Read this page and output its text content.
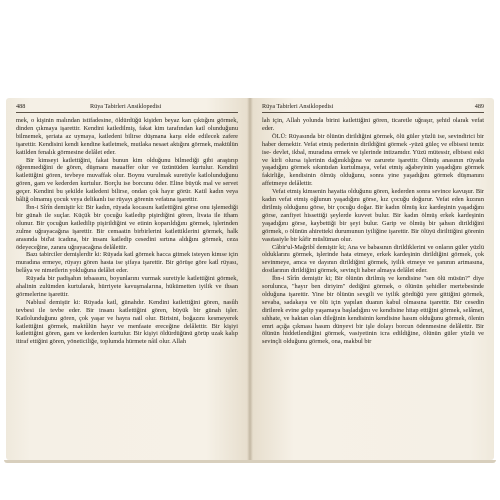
488	Rüya Tabirleri Ansiklopedisi

mek, o kişinin malından istifadesine, öldürdüğü kişiden beyaz kan çıktığını görmek, dinden çıkmaya işarettir. Kendini katledilmiş, fakat kim tarafından katl olunduğunu bilmemek, şeriata az uymaya, katledeni bilirse düşmana karşı elde edilecek zafere işarettir. Kendisini kendi kendine katletmek, mutlaka nesaet aktığını görmek, maktülün katilden fenalık görmesine delâlet eder.

Bir kimseyi katlettiğini, fakat bunun kim olduğunu bilmediği gibi araştırıp öğrenmediğini de gören, düşmanı mauaffer olur ve üzüntüden kurtulur. Kendini katlettiğini gören, tevbeye muvaffak olur. Boynu vurulmak suretiyle katlolunduğunu gören, gam ve kederden kurtulur. Borçlu ise borcunu öder. Eline büyük mal ve servet geçer. Kendini bu şekilde katledeni bilirse, ondan çok hayır görür. Katil kadın veya bâliğ olmamış çocuk veya delikanlı ise rüyayı görenin vefatına işarettir.

İbn-i Sîrîn demiştir ki: Bir kadın, rüyada kocasını katlettiğini görse onu işlemediği bir günah ile suçlar. Küçük bir çocuğu katledip pişirdiğini gören, livata ile itham olunur. Bir çocuğun katledilip pişirildiğini ve etinin koparıldığını görmek, işlerinden zulme uğrayacağına işarettir. Bir cemaatin birbirlerini katlettiklerini görmek, halk arasında bid'at icadına, bir insanı katledip cesedini sırtına aldığını görmek, ceza ödeyeceğine, zarara uğrayacağına delâlettir.

Bazı tabirciler demişlerdir ki: Rüyada katl görmek hacca gitmek isteyen kimse için muradına ermeye, rüyayı gören hasta ise şifaya işarettir. Bir görüşe göre katl rüyası, belâya ve nimetlerin yokluğuna delâlet eder.

Rüyada bir padişahın tebaasını, boyunlarını vurmak suretiyle katlettiğini görmek, ahalinin zulümden kurtularak, hürriyete kavuşmalarına, hükümetten iyilik ve ihsan görmelerine işarettir.

Nablusî demiştir ki: Rüyada katl, günahdır. Kendini katlettiğini gören, nasûh tevbesi ile tevbe eder. Bir insanı katlettiğini gören, büyük bir günah işler. Katlolunduğunu gören, çok yaşar ve hayra nail olur. Birisini, boğazını kesmeyerek katlettiğini görmek, maktûlün hayır ve menfaate ereceğine delâlettir. Bir kişiyi katlettiğini gören, gam ve kederden kurtulur. Bir kişiyi öldürdüğünü görüp uzak kalıp itiraf ettiğini gören, yöneticiliğe, toplumda hürmete nâil olur. Allah

Rüya Tabirleri Ansiklopedisi	489

lah için, Allah yolunda birini katlettiğini gören, ticaretle uğraşır, şehid olarak vefat eder.

ÖLÜ: Rüyasında bir ölünün dirildiğini görmek, ölü güler yüzlü ise, sevindirici bir haber demektir. Vefat etmiş pederinin dirildiğini görmek -yüzü güleç ve elbisesi temiz ise- devlet, ikbal, muradına ermek ve işlerinde intizamdır. Yüzü mütessir, elbisesi eski ve kirli olursa işlerinin dağınıklığına ve zarurete işarettir. Ölmüş anasının rüyada yaşadığını görmek sıkıntıdan kurtulmaya, vefat etmiş ağabeyinin yaşadığını görmek fakirliğe, kendisinin ölmüş olduğunu, sonra yine yaşadığını görmek düşmanını affetmeye delâlettir.

Vefat etmiş kimsenin hayatta olduğunu gören, kederden sonra sevince kavuşur. Bir kadın vefat etmiş oğlunun yaşadığını görse, kız çocuğu doğurur. Vefat eden kızının dirilmiş olduğunu görse, bir çocuğu doğar. Bir kadın ölmüş kız kardeşinin yaşadığını görse, zanfiyet hissettiği şeylerde kuvvet bulur. Bir kadın ölmüş erkek kardeşinin yaşadığını görse, kaybettiği bir şeyi bulur. Garip ve ölmüş bir şahsın dirildiğini görmek, o ölünün ahiretteki durumunun iyiliğine işarettir. Bir ölüyü dirilttiğini görenin vasıtasiyle bir kâfir müslüman olur.

Câbir'ul-Mağribî demiştir ki; Ana ve babasının dirildiklerini ve onların güler yüzlü olduklarını görmek, işlerinde hata etmeye, erkek kardeşinin dirildiğini görmek, çok sevinmeye, amca ve dayının dirildiğini görmek, iyilik etmeye ve şanının artmasına, dostlarının dirildiğini görmek, sevinçli haber almaya delâlet eder.

İbn-i Sîrîn demiştir ki; Bir ölünün dirilmiş ve kendisine "sen ölü müsün?" diye sorulunca, "hayır ben diriyim" dediğini görmek, o ölünün şehidler mertebesinde olduğuna işarettir. Yine bir ölünün sevgili ve iyilik gördüğü yere gittiğini görmek, sevaba, sadakaya ve ölü için yapılan duanın kabul olmasına işarettir. Bir cesedin dirilerek evine gelip yaşamaya başladığını ve kendisine hitap ettiğini görmek, selâmet, sıhhate, ve haktan olan dileğinin kendisinin kendisine hasım olduğunu görmek, ölenin emri açığa çıkması hasım dünyevi bir işle dolayı borcun ödenmesine delâlettir. Bir ölünün hiddetlendiğini görmek, vasiyetinin icra edildiğine, ölünün güler yüzlü ve sevinçli olduğunu görmek, ona, makbul bir
